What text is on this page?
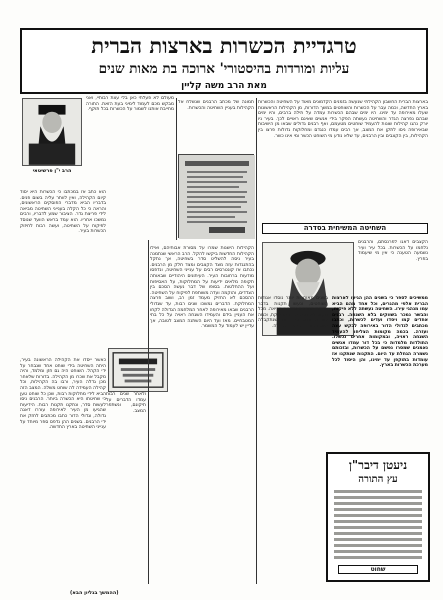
טרגדיית הכשרות בארצות הברית
עליות ומורדות בהיסטורי' ארוכה בת מאות שנים
מאת הרב משה קליין
הרב י"ן פרשיטאי

בארצות הברית החשבון הקהילתי שנעשה בזמנים הקדמונים מאוד על השחיטה והכשרות בארץ החדשה, וכמה עבר על הכשרות והשוחטים במשך הדורות, מן הקהילות הראשונות שעלו מאירופה עד ימינו. היו ימים שבהם הכשרות עמדה על תילה ברבים, והיו ימים שבהם נפרצה הגדר והשחיטה נעשתה הפקר בידי אנשים שאינם ראויים לכך. בעיר ניו יורק נהגו קהילות שונות להעמיד שוחטים מטעמם, ואף רבנים גדולים שבאו מן הישיבות שבאירופה ניסו לתקן את המצב, אך רבים עמדו כנגדם ומחלוקות גדולות פרצו בין הקהילות, בין הקצבים ובין הרבנים, עד שלא נודע מי השוחט הכשר ומי אינו כשר.

השחיטה המשיחית בסדרה

תמונה של מכתב הרבנים שנשלח אל הקהילות בעניין השחיטה והכשרות.

מעולם לא פעלתי כאן בלי עצת רבותיי, ואני מבקש מכם לעמוד לימיני בעת הזאת. התורה מחייבת אותנו לשמור על הכשרות בכל תוקף.

הוא כתב אז במכתבו כי הכשרות היא יסוד קיום הקהילה, ואין לוותר עליה בשום פנים. בדבריו הביא מדברי הפוסקים הראשונים, והראה כי כל הקלה בענייני השחיטה מביאה לידי פריצת גדר. הציבור שמע לדבריו, ורבים נמשכו אחריו. הוא עמד בראש הוועד שנוסד לפיקוח על השחיטה, ועשה רבות לחיזוק הכשרות בעיר.

כאשר ייסדו את הקהילה הראשונה בעיר, היתה השחיטה בידי שוחט אחד שנבחר על ידי הקהל. השוחט היה גם חזן ומלמד, והיה מקבל את שכרו מן הקהילה. בדורות שלאחר מכן גדלה העיר, ורבו בה הקהילות, וכל קהילה העמידה לה שוחט משלה. המצב הזה הביא לידי מחלוקות רבות, שכן כל שוחט טען כי שחיטתו היא הכשרה ביותר. הרבנים ניסו לעשות סדר, ונתקנו תקנות רבות. הידיעות שהגיעו מן העיר לאירופה עוררו דאגה גדולה, וגדולי הדור כתבו מכתבים לחזק את ידי הרבנים. בשנים ההן נדפס ספר מיוחד על ענייני השחיטה בארץ החדשה.

ולאחר שנים רבות עמדו הדברים על תיקונם, ונשתפר המצב.

הקהילות הישנות שמרו על מסורת אבותיהם, ואילו הקהילות החדשות ביקשו להקל. הרב הראשי שנתמנה בעיר ניסה להשליט סדר בשחיטה, אך נתקל בהתנגדות עזה מצד הקצבים ומצד חלק מן הרבנים. נכתבו אז קונטרסים רבים על ענייני השחיטה, ונדפסו מודעות ברחובות העיר. העיתונים היהודיים שבאותה תקופה מלאים ידיעות על המחלוקות, על האסיפות ועל ההחלטות. בסופו של דבר נעשה הסכם בין הצדדים, והוקמה ועדה משותפת לפיקוח על השחיטה. ההסכם לא החזיק מעמד זמן רב, ושוב פרצה המחלוקת. הדברים נמשכו שנים רבות, עד שגדולי הרבנים שבאו מאירופה לאחר המלחמה הגדולה לקחו את העניין בידם והעמידו השגחה ראויה על כל בתי המטבחיים. מאז ועד היום השתנה המצב לטובה, אך עדיין יש לעמוד על המשמר.

הקצבים דאגו לפרנסתם, והרבנים נלחמו על הכשרות. בכל עיר ועיר נשמעה הטענה כי אין מי שיעמוד בפרץ.

ממשיכים לספר כי בשנים ההן הגיעו לארצות הברית אלפי מהגרים, וכל אחד מהם הביא עמו מנהגי עירו. השחיטה נעשתה ללא פיקוח, והבשר נמכר בשווקים בלא השגחה. רבנים אחדים קמו ויסדו ועדים לכשרות, וכתבו מכתבים לגדולי הדור באירופה לבקש עצה ועזרה. בכמה מקומות הצליחו להעמיד השגחה ראויה, ובמקומות אחרים נכשלו. התולדות מלמדות כי בכל דור עמדו אנשים נאמנים שמסרו נפשם על הכשרות, ובזכותם נשמרה הגחלת עד היום. התקנות שנתקנו אז עומדות בתוקפן עד ימינו, והן היסוד לכל מערכת הכשרות בארץ.

בשנים מאוחרות יותר נוסדו אגודות השוחטים, ונעשו תקנות בדבר בדיקת הסכינים ובדיקת הריאה. מכל מקום לא נסתיימה המחלוקת, וכמה עשרות שנים עברו עד שנתקבלה השגחה אחידה בעיר הגדולה.

ניעטן דיבר"ן
עץ התורה
שחוט
(ההמשך בגליון הבא)
